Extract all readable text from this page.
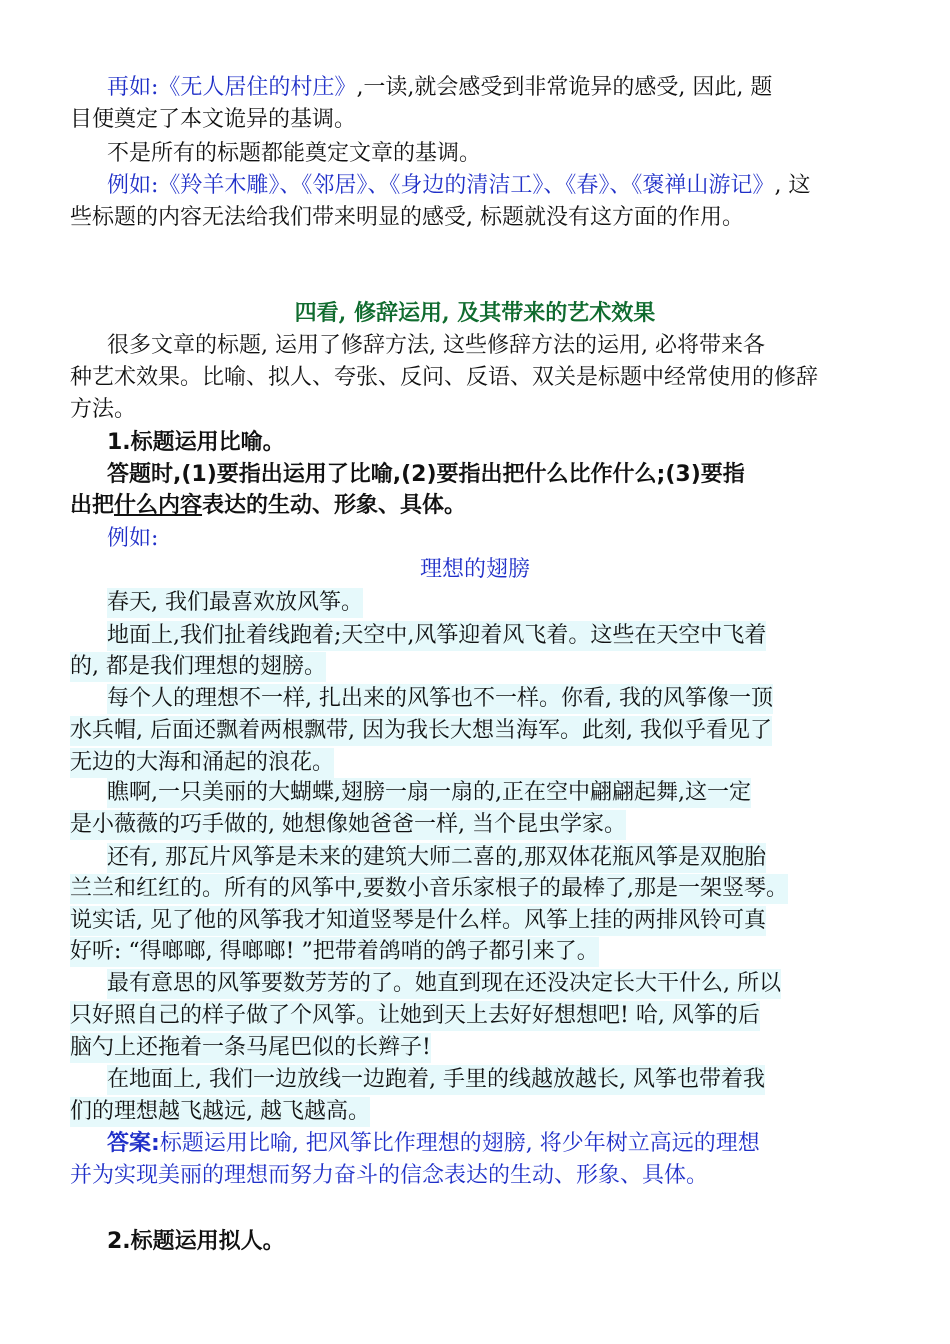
再如:《无人居住的村庄》,一读,就会感受到非常诡异的感受, 因此, 题
目便奠定了本文诡异的基调。
不是所有的标题都能奠定文章的基调。
例如:《羚羊木雕》、《邻居》、《身边的清洁工》、《春》、《褒禅山游记》, 这
些标题的内容无法给我们带来明显的感受, 标题就没有这方面的作用。
四看, 修辞运用, 及其带来的艺术效果
很多文章的标题, 运用了修辞方法, 这些修辞方法的运用, 必将带来各
种艺术效果。比喻、拟人、夸张、反问、反语、双关是标题中经常使用的修辞
方法。
1.标题运用比喻。
答题时,(1)要指出运用了比喻,(2)要指出把什么比作什么;(3)要指
出把什么内容表达的生动、形象、具体。
例如:
理想的翅膀
春天, 我们最喜欢放风筝。
地面上,我们扯着线跑着;天空中,风筝迎着风飞着。这些在天空中飞着
的, 都是我们理想的翅膀。
每个人的理想不一样, 扎出来的风筝也不一样。你看, 我的风筝像一顶
水兵帽, 后面还飘着两根飘带, 因为我长大想当海军。此刻, 我似乎看见了
无边的大海和涌起的浪花。
瞧啊,一只美丽的大蝴蝶,翅膀一扇一扇的,正在空中翩翩起舞,这一定
是小薇薇的巧手做的, 她想像她爸爸一样, 当个昆虫学家。
还有, 那瓦片风筝是未来的建筑大师二喜的,那双体花瓶风筝是双胞胎
兰兰和红红的。所有的风筝中,要数小音乐家根子的最棒了,那是一架竖琴。
说实话, 见了他的风筝我才知道竖琴是什么样。风筝上挂的两排风铃可真
好听: “得啷啷, 得啷啷! ”把带着鸽哨的鸽子都引来了。
最有意思的风筝要数芳芳的了。她直到现在还没决定长大干什么, 所以
只好照自己的样子做了个风筝。让她到天上去好好想想吧! 哈, 风筝的后
脑勺上还拖着一条马尾巴似的长辫子!
在地面上, 我们一边放线一边跑着, 手里的线越放越长, 风筝也带着我
们的理想越飞越远, 越飞越高。
答案:标题运用比喻, 把风筝比作理想的翅膀, 将少年树立高远的理想
并为实现美丽的理想而努力奋斗的信念表达的生动、形象、具体。
2.标题运用拟人。
